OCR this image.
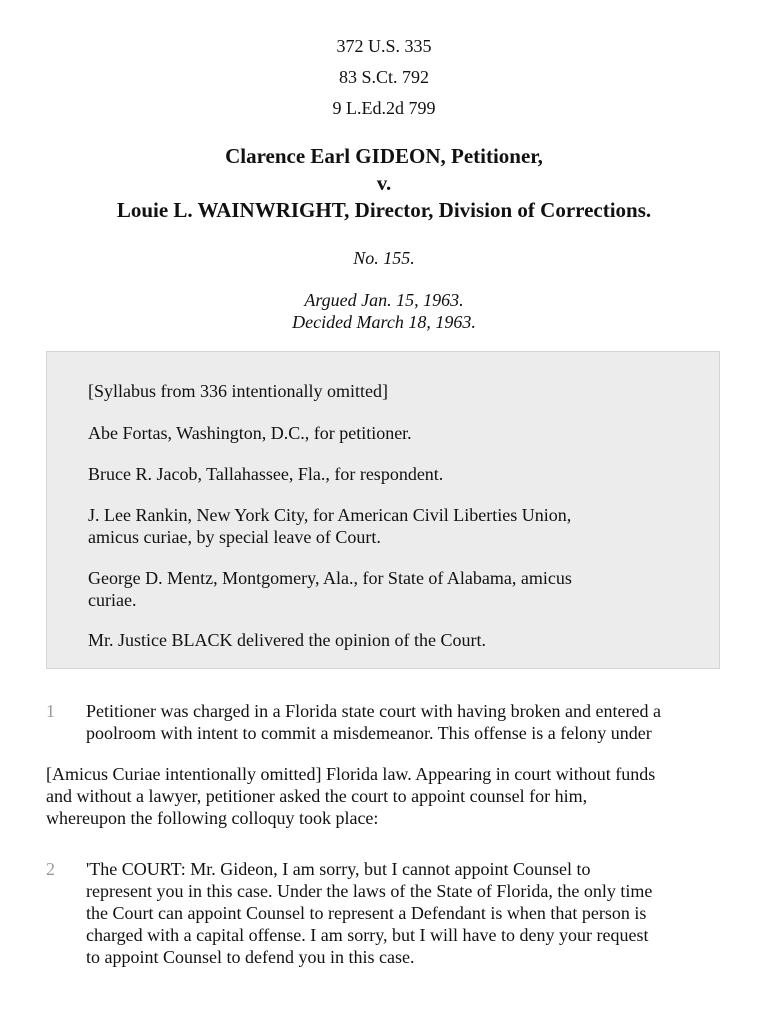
372 U.S. 335
83 S.Ct. 792
9 L.Ed.2d 799
Clarence Earl GIDEON, Petitioner,
v.
Louie L. WAINWRIGHT, Director, Division of Corrections.
No. 155.
Argued Jan. 15, 1963.
Decided March 18, 1963.
[Syllabus from 336 intentionally omitted]
Abe Fortas, Washington, D.C., for petitioner.
Bruce R. Jacob, Tallahassee, Fla., for respondent.
J. Lee Rankin, New York City, for American Civil Liberties Union,
amicus curiae, by special leave of Court.
George D. Mentz, Montgomery, Ala., for State of Alabama, amicus
curiae.
Mr. Justice BLACK delivered the opinion of the Court.
1 Petitioner was charged in a Florida state court with having broken and entered a
poolroom with intent to commit a misdemeanor. This offense is a felony under
[Amicus Curiae intentionally omitted] Florida law. Appearing in court without funds
and without a lawyer, petitioner asked the court to appoint counsel for him,
whereupon the following colloquy took place:
2 'The COURT: Mr. Gideon, I am sorry, but I cannot appoint Counsel to
represent you in this case. Under the laws of the State of Florida, the only time
the Court can appoint Counsel to represent a Defendant is when that person is
charged with a capital offense. I am sorry, but I will have to deny your request
to appoint Counsel to defend you in this case.
